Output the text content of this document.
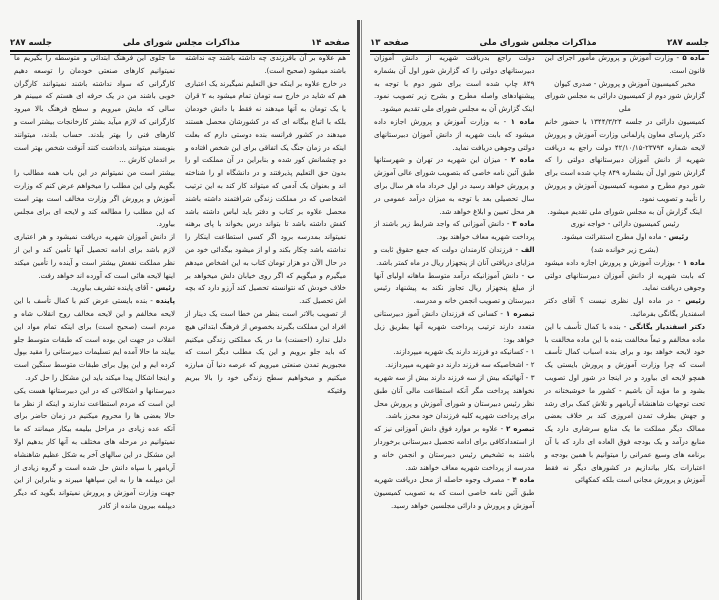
صفحه ۱۴
مذاکرات مجلس شورای ملی
جلسه ۲۸۷

هم علاوه بر آن بافرزندی چه داشته باشند چه نداشته باشند میشود (صحیح است).

در خارج علاوه بر اینکه حق التعلیم نمیگیرند یک اعتباری هم که شاید در خارج سه تومان تمام میشود به ۲ قران یا یک تومان به آنها میدهند نه فقط با دانش خودمان بلکه با اتباع بیگانه ای که در کشورشان محصل هستند میدهند در کشور فرانسه بنده دوستی دارم که بعلت اینکه در زمان جنگ یک اتفاقی برای این شخص افتاده و دو چشمانش کور شده و بنابراین در آن مملکت او را بدون حق التعلیم پذیرفتند و در دانشگاه او را شناخته اند و بعنوان یک آدمی که میتواند کار کند به این ترتیب اشخاصی که در مملکت زندگی شرافتمند داشته باشند محصل علاوه بر کتاب و دفتر باید لباس داشته باشد کفش داشته باشد تا بتواند درس بخواند با پای برهنه نمیتواند بمدرسه برود اگر کسی استطاعت اینکار را نداشته باشد چکار بکند و او از میشود بیگدائی خود من در حال الآن دو هزار تومان کتاب به این اشخاص میدهم میگیرم و میگویم که اگر روی خیابان دلش میخواهد بر خلاف خودش که نتوانسته تحصیل کند آرزو دارد که بچه اش تحصیل کند.

از تصویب بالاتر است بنظر من خطا است یک دینار از افراد این مملکت بگیرند بخصوص از فرهنگ ابتدائی هیچ دلیل ندارد (احسنت) ما در یک مملکتی زندگی میکنیم که باید جلو برویم و این یک مطلب دیگر است که مجبوریم تمدن صنعتی میرویم که عرصه دنیا آن مبارزه میکنیم و میخواهیم سطح زندگی خود را بالا ببریم وقتیکه

ما جلوی این فرهنگ ابتدائی و متوسطه را بگیریم ما نمیتوانیم کارهای صنعتی خودمان را توسعه دهیم کارگرانی که سواد نداشته باشند نمیتوانند کارگران خوبی باشند من در یک حرفه ای هستم که میبینم هر سالی که مایش میرویم و سطح فرهنگ بالا میرود کارگرانی که لازم میآید بشتر کارخانجات بیشتر است و کارهای فنی را بهتر بلدند. حساب بلدند، میتوانند بنویسند میتوانند یادداشت کنند آنوقت شخص بهتر است بر اندمان کارش ...

بیشتر است من نمیتوانم در این باب همه مطالب را بگویم ولی این مطلب را میخواهم عرض کنم که وزارت آموزش و پرورش اگر وزارت مخالف است بهتر است که این مطلب را مطالعه کند و لایحه ای برای مجلس بیاورد.

از دانش آموزان شهریه دریافت نمیشود و هر اعتباری لازم باشد برای ادامه تحصیل آنها تأمین کند و این از نظر مملکت نفعش بیشتر است و آینده را تأمین میکند اینها لایحه هائی است که آورده اند خواهد رفت.

رئیس - آقای پاینده تشریف بیاورید.

پاینده - بنده بایستی عرض کنم با کمال تأسف با این لایحه مخالفم و این لایحه مخالف روح انقلاب شاه و مردم است (صحیح است) برای اینکه تمام مواد این انقلاب در جهت این بوده است که طبقات متوسط جلو بیایند ما حالا آمده ایم تسلیمات دبیرستانی را مقید بپول کرده ایم و این پول برای طبقات متوسط سنگین است و اینجا اشکال پیدا میکند باید این مشکل را حل کرد.

دبیرستانها و اشکالاتی که در این دبیرستانها هست یکی این است که مردم استطاعت ندارند و اینکه از نظر ما حالا بعضی ها را محروم میکنیم در زمان حاضر برای آنکه عده زیادی در مراحل بیلیمه بیکار میمانند که ما نمیتوانیم در مرحله های مختلف به آنها کار بدهیم اولا این مشکل در این سالهای آخر به شکل عظیم شاهنشاه آریامهر با سپاه دانش حل شده است و گروه زیادی از این دیپلمه ها را به این سپاهها میبرند و بنابراین از این جهت وزارت آموزش و پرورش نمیتواند بگوید که دیگر دیپلمه بیرون مانده از کادر

جلسه ۲۸۷
مذاکرات مجلس شورای ملی
صفحه ۱۳

ماده ۵ - وزارت آموزش و پرورش مأمور اجرای این قانون است.

مخبر کمیسیون آموزش و پرورش - صدری کیوان

گزارش شور دوم از کمیسیون دارائی به مجلس شورای ملی

کمیسیون دارائی در جلسه ۱۳۴۴/۳/۲۴ با حضور خانم دکتر پارسای معاون پارلمانی وزارت آموزش و پرورش لایحه شماره ۲۳۷۹۴-۴۲/۱۰/۱۵ دولت راجع به دریافت شهریه از دانش آموزان دبیرستانهای دولتی را که گزارش شور اول آن بشماره ۸۴۹ چاپ شده است برای شور دوم مطرح و مصوبه کمیسیون آموزش و پرورش را تأیید و تصویب نمود.

اینک گزارش آن به مجلس شورای ملی تقدیم میشود.

رئیس کمیسیون دارائی - خواجه نوری

رئیس - ماده اول مطرح استقرائت میشود.

(بشرح زیر خوانده شد)

ماده ۱ - بوزارت آموزش و پرورش اجازه داده میشود که بابت شهریه از دانش آموزان دبیرستانهای دولتی وجوهی دریافت نماید.

رئیس - در ماده اول نظری نیست ؟ آقای دکتر اسفندیار یگانگی بفرمائید.

دکتر اسفندیار یگانگی - بنده با کمال تأسف با این ماده مخالفم و تبعاً مخالفت بنده با این ماده مخالفت با خود لایحه خواهد بود و برای بنده اسباب کمال تأسف است که چرا وزارت آموزش و پرورش بایستی یک همچو لایحه ای بیاورد و در اینجا در شور اول تصویب بشود و ما مؤید آن باشیم - کشور ما خوشبختانه در تحت توجهات شاهنشاه آریامهر و تلاش کمک برای رشد و جهش بطرف تمدن امروزی کند بر خلاف بعضی ممالک دیگر مملکت ما یک منابع سرشاری دارد یک منابع درآمد و یک بودجه فوق العاده ای دارد که با آن برنامه های وسیع عمرانی را میتوانیم با همین بودجه و اعتبارات بکار بیاندازیم در کشورهای دیگر نه فقط آموزش و پرورش مجانی است بلکه کمکهائی

دولت راجع بدریافت شهریه از دانش آموزان دبیرستانهای دولتی را که گزارش شور اول آن بشماره ۸۴۹ چاپ شده است برای شور دوم با توجه به پیشنهادهای واصله مطرح و بشرح زیر تصویب نمود. اینک گزارش آن به مجلس شورای ملی تقدیم میشود.

ماده ۱ - به وزارت آموزش و پرورش اجازه داده میشود که بابت شهریه از دانش آموزان دبیرستانهای دولتی وجوهی دریافت نماید.

ماده ۲ - میزان این شهریه در تهران و شهرستانها طبق آئین نامه خاصی که بتصویب شورای عالی آموزش و پرورش خواهد رسید در اول خرداد ماه هر سال برای سال تحصیلی بعد با توجه به میزان درآمد عمومی در هر محل تعیین و ابلاغ خواهد شد.

ماده ۳ - دانش آموزانی که واجد شرایط زیر باشند از پرداخت شهریه معاف خواهند بود.

الف - فرزندان کارمندان دولت که جمع حقوق ثابت و مزایای دریافتی آنان از پنجهزار ریال در ماه کمتر باشد.

ب - دانش آموزانیکه درآمد متوسط ماهانه اولیای آنها از مبلغ پنجهزار ریال تجاوز نکند به پیشنهاد رئیس دبیرستان و تصویب انجمن خانه و مدرسه.

تبصره ۱ - کسانی که فرزندان دانش آموز دبیرستانی متعدد دارند ترتیب پرداخت شهریه آنها بطریق زیل خواهد بود:

۱ - کسانیکه دو فرزند دارند یک شهریه میپردازند.

۲ - اشخاصیکه سه فرزند دارند دو شهریه میپردازند.

۳ - آنهائیکه بیش از سه فرزند دارند بیش از سه شهریه نخواهند پرداخت مگر آنکه استطاعت مالی آنان طبق نظر رئیس دبیرستان و شورای آموزش و پرورش محل برای پرداخت شهریه کلیه فرزندان خود محرز باشد.

تبصره ۲ - علاوه بر موارد فوق دانش آموزانی نیز که از استعدادکافی برای ادامه تحصیل دبیرستانی برخوردار باشند به تشخیص رئیس دبیرستان و انجمن خانه و مدرسه از پرداخت شهریه معاف خواهند شد.

ماده ۴ - مصرف وجوه حاصله از محل دریافت شهریه طبق آئین نامه خاصی است که به تصویب کمیسیون آموزش و پرورش و دارائی مجلسین خواهد رسید.
